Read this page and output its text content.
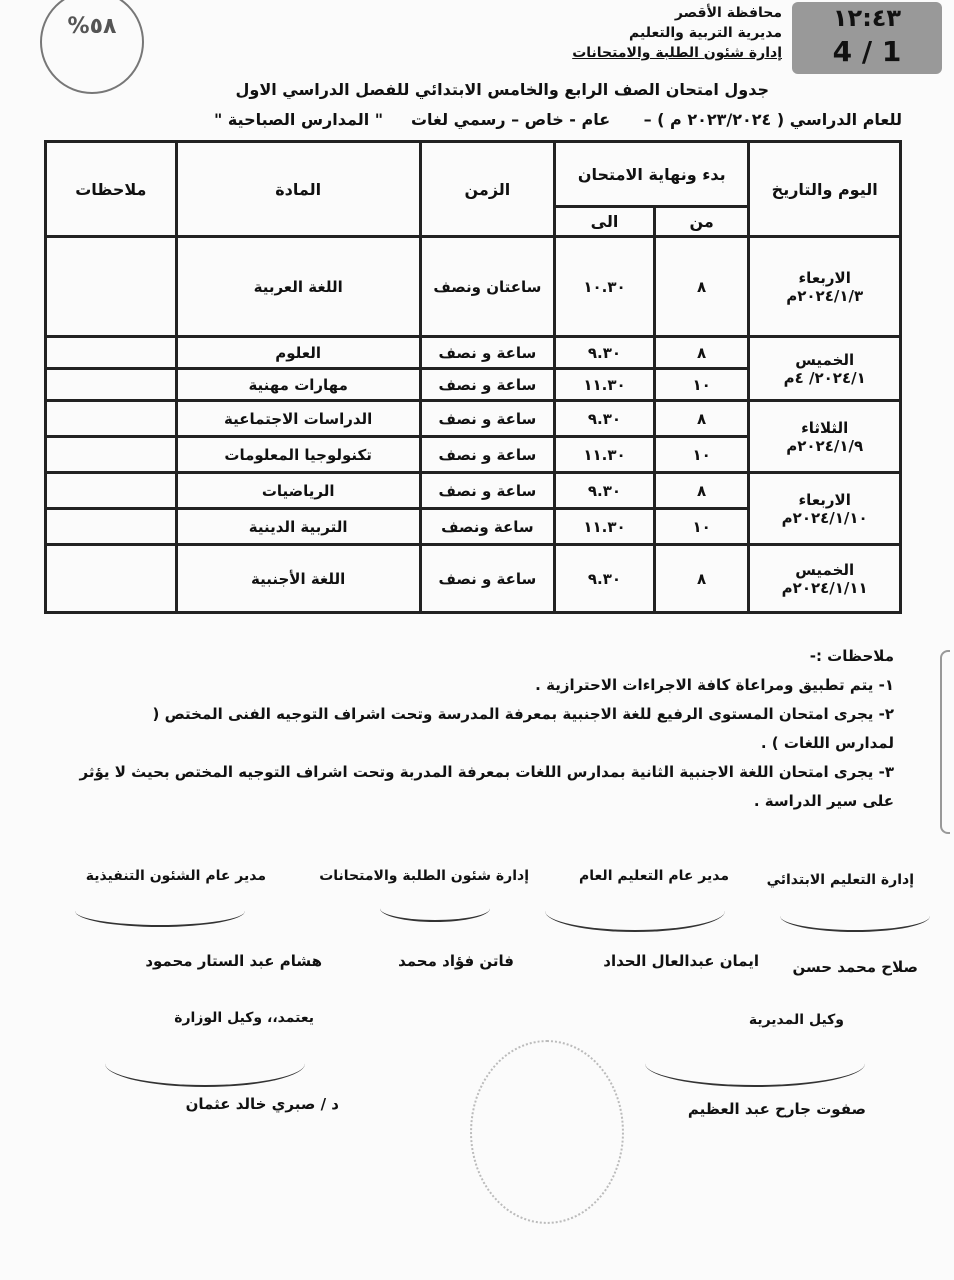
%٥٨
محافظة الأقصر
مديرية التربية والتعليم
إدارة شئون الطلبة والامتحانات
١٢:٤٣
4 / 1
جدول امتحان الصف الرابع والخامس الابتدائي للفصل الدراسي الاول
للعام الدراسي ( ٢٠٢٣/٢٠٢٤ م ) –      عام - خاص – رسمي لغات     " المدارس الصباحية "
اليوم والتاريخ	بدء ونهاية الامتحان		الزمن	المادة	ملاحظات
	من	الى			

الاربعاء
٢٠٢٤/١/٣م	٨	١٠.٣٠	ساعتان ونصف	اللغة العربية	

الخميس
٢٠٢٤/١/ ٤م	٨	٩.٣٠	ساعة و نصف	العلوم	
	١٠	١١.٣٠	ساعة و نصف	مهارات مهنية	

الثلاثاء
٢٠٢٤/١/٩م	٨	٩.٣٠	ساعة و نصف	الدراسات الاجتماعية	
	١٠	١١.٣٠	ساعة و نصف	تكنولوجيا المعلومات	

الاربعاء
٢٠٢٤/١/١٠م	٨	٩.٣٠	ساعة و نصف	الرياضيات	
	١٠	١١.٣٠	ساعة ونصف	التربية الدينية	

الخميس
٢٠٢٤/١/١١م	٨	٩.٣٠	ساعة و نصف	اللغة الأجنبية	
ملاحظات :-
١- يتم تطبيق ومراعاة كافة الاجراءات الاحترازية .
٢- يجرى امتحان المستوى الرفيع للغة الاجنبية بمعرفة المدرسة وتحت اشراف التوجيه الفنى المختص ( لمدارس اللغات ) .
٣- يجرى امتحان اللغة الاجنبية الثانية بمدارس اللغات بمعرفة المدربة وتحت اشراف التوجيه المختص بحيث لا يؤثر على سير الدراسة .
إدارة التعليم الابتدائي
مدير عام التعليم العام
إدارة شئون الطلبة والامتحانات
مدير عام الشئون التنفيذية
صلاح محمد حسن
ايمان عبدالعال الحداد
فاتن فؤاد محمد
هشام عبد الستار محمود
وكيل المديرية
يعتمد،، وكيل الوزارة
صفوت جارح عبد العظيم
د / صبري خالد عثمان
